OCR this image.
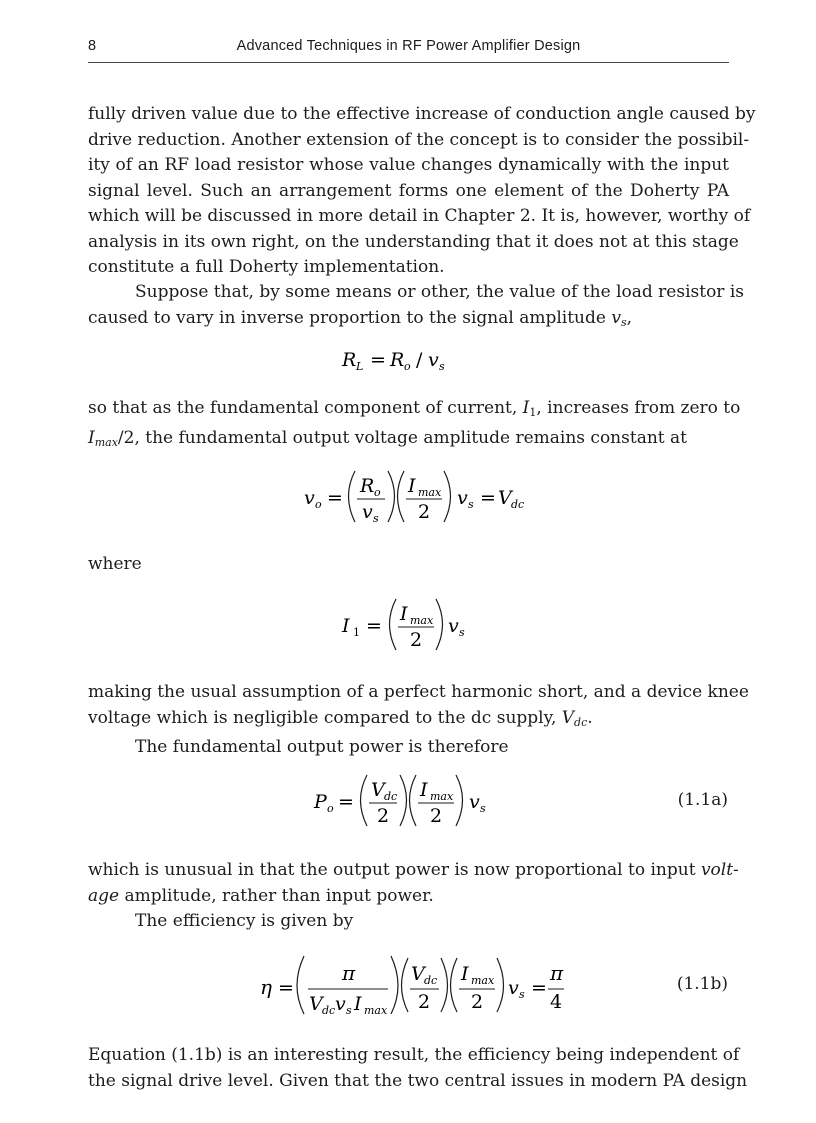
8	Advanced Techniques in RF Power Amplifier Design
fully driven value due to the effective increase of conduction angle caused by
drive reduction. Another extension of the concept is to consider the possibil-
ity of an RF load resistor whose value changes dynamically with the input
signal level. Such an arrangement forms one element of the Doherty PA
which will be discussed in more detail in Chapter 2. It is, however, worthy of
analysis in its own right, on the understanding that it does not at this stage
constitute a full Doherty implementation.
Suppose that, by some means or other, the value of the load resistor is
caused to vary in inverse proportion to the signal amplitude $v_s$,
R L = R o / v s
so that as the fundamental component of current, I1, increases from zero to
$I_{max}/2$, the fundamental output voltage amplitude remains constant at
v o =
R o
v s
I max
2
v s = V dc
where
I 1 =
I max
2
v s
making the usual assumption of a perfect harmonic short, and a device knee
voltage which is negligible compared to the dc supply, $V_{dc}$.
The fundamental output power is therefore
P o =
V dc
2
I max
2
v s	(1.1a)
which is unusual in that the output power is now proportional to input volt-
age amplitude, rather than input power.
The efficiency is given by
η =
π
V dc v s I max
V dc
2
I max
2
v s =
π
4
(1.1b)
Equation (1.1b) is an interesting result, the efficiency being independent of
the signal drive level. Given that the two central issues in modern PA design
